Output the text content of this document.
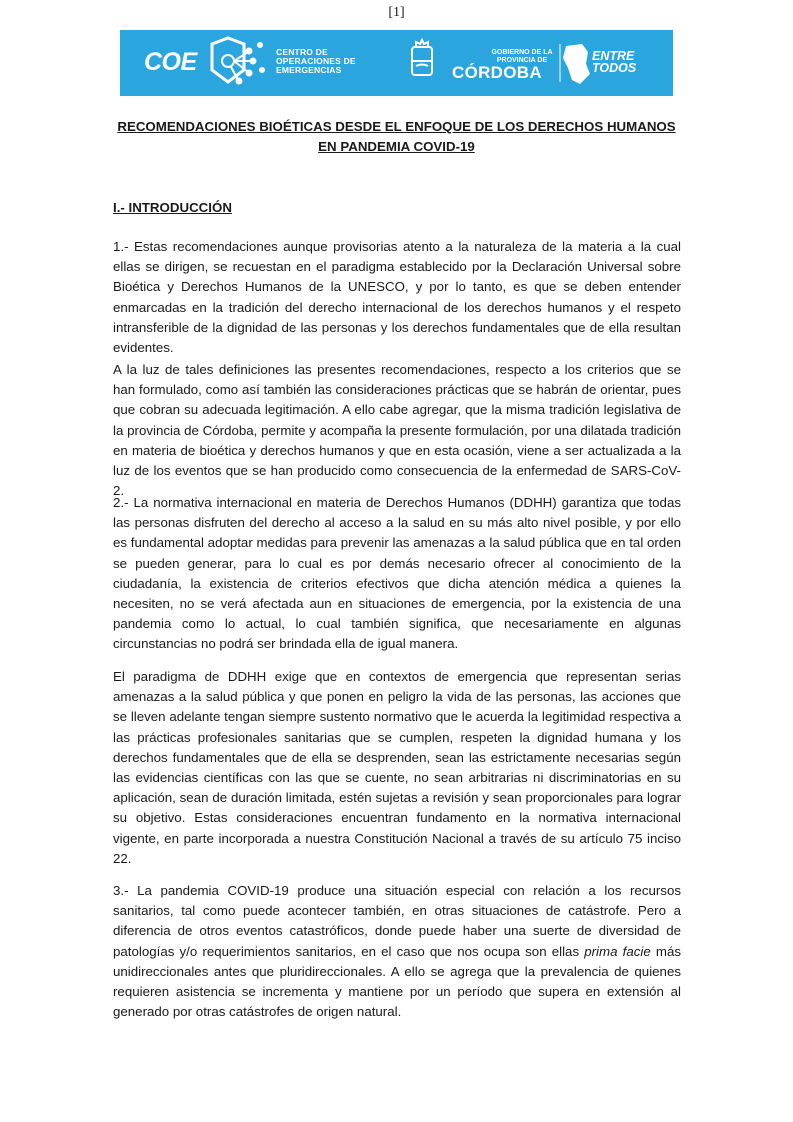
[1]
COE	CENTRO DE OPERACIONES DE EMERGENCIAS
GOBIERNO DE LA PROVINCIA DE
CÓRDOBA
ENTRE TODOS
RECOMENDACIONES BIOÉTICAS DESDE EL ENFOQUE DE LOS DERECHOS HUMANOS
EN PANDEMIA COVID-19
I.- INTRODUCCIÓN

1.- Estas recomendaciones aunque provisorias atento a la naturaleza de la materia a la cual ellas se dirigen, se recuestan en el paradigma establecido por la Declaración Universal sobre Bioética y Derechos Humanos de la UNESCO, y por lo tanto, es que se deben entender enmarcadas en la tradición del derecho internacional de los derechos humanos y el respeto intransferible de la dignidad de las personas y los derechos fundamentales que de ella resultan evidentes.

A la luz de tales definiciones las presentes recomendaciones, respecto a los criterios que se han formulado, como así también las consideraciones prácticas que se habrán de orientar, pues que cobran su adecuada legitimación. A ello cabe agregar, que la misma tradición legislativa de la provincia de Córdoba, permite y acompaña la presente formulación, por una dilatada tradición en materia de bioética y derechos humanos y que en esta ocasión, viene a ser actualizada a la luz de los eventos que se han producido como consecuencia de la enfermedad de SARS-CoV-2.

2.- La normativa internacional en materia de Derechos Humanos (DDHH) garantiza que todas las personas disfruten del derecho al acceso a la salud en su más alto nivel posible, y por ello es fundamental adoptar medidas para prevenir las amenazas a la salud pública que en tal orden se pueden generar, para lo cual es por demás necesario ofrecer al conocimiento de la ciudadanía, la existencia de criterios efectivos que dicha atención médica a quienes la necesiten, no se verá afectada aun en situaciones de emergencia, por la existencia de una pandemia como lo actual, lo cual también significa, que necesariamente en algunas circunstancias no podrá ser brindada ella de igual manera.

El paradigma de DDHH exige que en contextos de emergencia que representan serias amenazas a la salud pública y que ponen en peligro la vida de las personas, las acciones que se lleven adelante tengan siempre sustento normativo que le acuerda la legitimidad respectiva a las prácticas profesionales sanitarias que se cumplen, respeten la dignidad humana y los derechos fundamentales que de ella se desprenden, sean las estrictamente necesarias según las evidencias científicas con las que se cuente, no sean arbitrarias ni discriminatorias en su aplicación, sean de duración limitada, estén sujetas a revisión y sean proporcionales para lograr su objetivo. Estas consideraciones encuentran fundamento en la normativa internacional vigente, en parte incorporada a nuestra Constitución Nacional a través de su artículo 75 inciso 22.

3.- La pandemia COVID-19 produce una situación especial con relación a los recursos sanitarios, tal como puede acontecer también, en otras situaciones de catástrofe. Pero a diferencia de otros eventos catastróficos, donde puede haber una suerte de diversidad de patologías y/o requerimientos sanitarios, en el caso que nos ocupa son ellas prima facie más unidireccionales antes que pluridireccionales. A ello se agrega que la prevalencia de quienes requieren asistencia se incrementa y mantiene por un período que supera en extensión al generado por otras catástrofes de origen natural.
